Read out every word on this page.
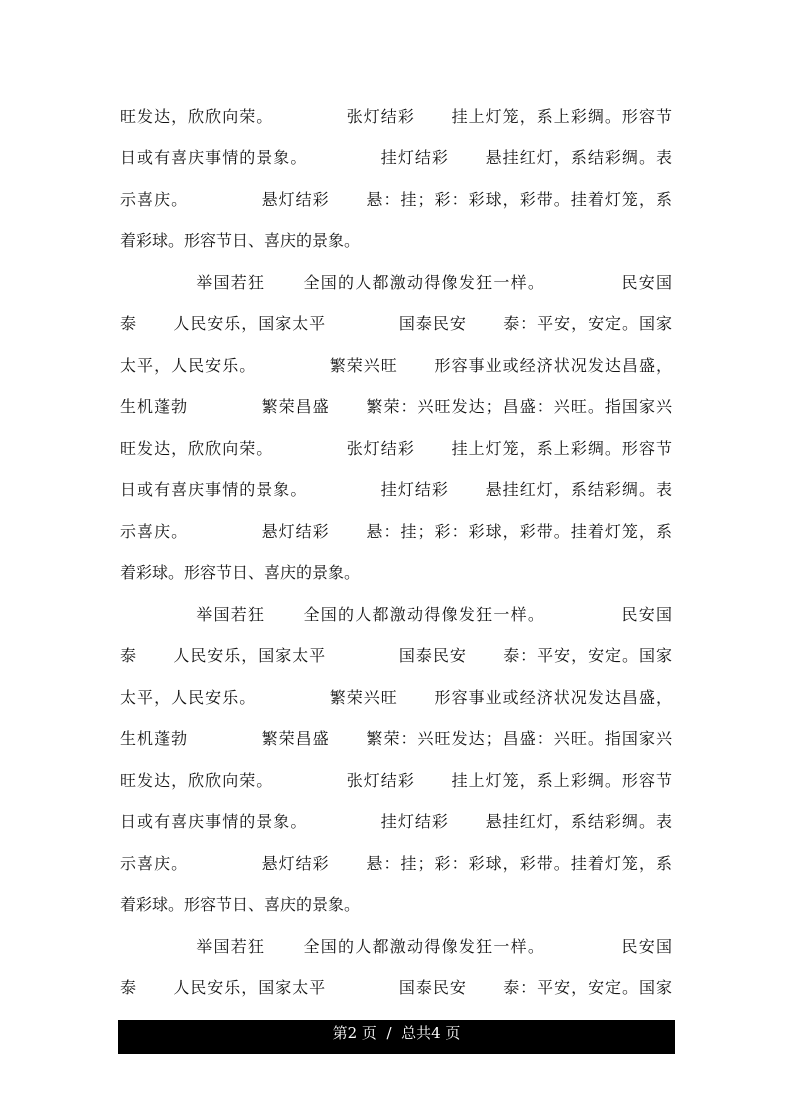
旺发达，欣欣向荣。            张灯结彩      挂上灯笼，系上彩绸。形容节
日或有喜庆事情的景象。            挂灯结彩      悬挂红灯，系结彩绸。表
示喜庆。            悬灯结彩      悬：挂；彩：彩球，彩带。挂着灯笼，系
着彩球。形容节日、喜庆的景象。
举国若狂      全国的人都激动得像发狂一样。            民安国
泰      人民安乐，国家太平            国泰民安      泰：平安，安定。国家
太平，人民安乐。            繁荣兴旺      形容事业或经济状况发达昌盛，
生机蓬勃            繁荣昌盛      繁荣：兴旺发达；昌盛：兴旺。指国家兴
旺发达，欣欣向荣。            张灯结彩      挂上灯笼，系上彩绸。形容节
日或有喜庆事情的景象。            挂灯结彩      悬挂红灯，系结彩绸。表
示喜庆。            悬灯结彩      悬：挂；彩：彩球，彩带。挂着灯笼，系
着彩球。形容节日、喜庆的景象。
举国若狂      全国的人都激动得像发狂一样。            民安国
泰      人民安乐，国家太平            国泰民安      泰：平安，安定。国家
太平，人民安乐。            繁荣兴旺      形容事业或经济状况发达昌盛，
生机蓬勃            繁荣昌盛      繁荣：兴旺发达；昌盛：兴旺。指国家兴
旺发达，欣欣向荣。            张灯结彩      挂上灯笼，系上彩绸。形容节
日或有喜庆事情的景象。            挂灯结彩      悬挂红灯，系结彩绸。表
示喜庆。            悬灯结彩      悬：挂；彩：彩球，彩带。挂着灯笼，系
着彩球。形容节日、喜庆的景象。
举国若狂      全国的人都激动得像发狂一样。            民安国
泰      人民安乐，国家太平            国泰民安      泰：平安，安定。国家
第2 页  /  总共4 页
